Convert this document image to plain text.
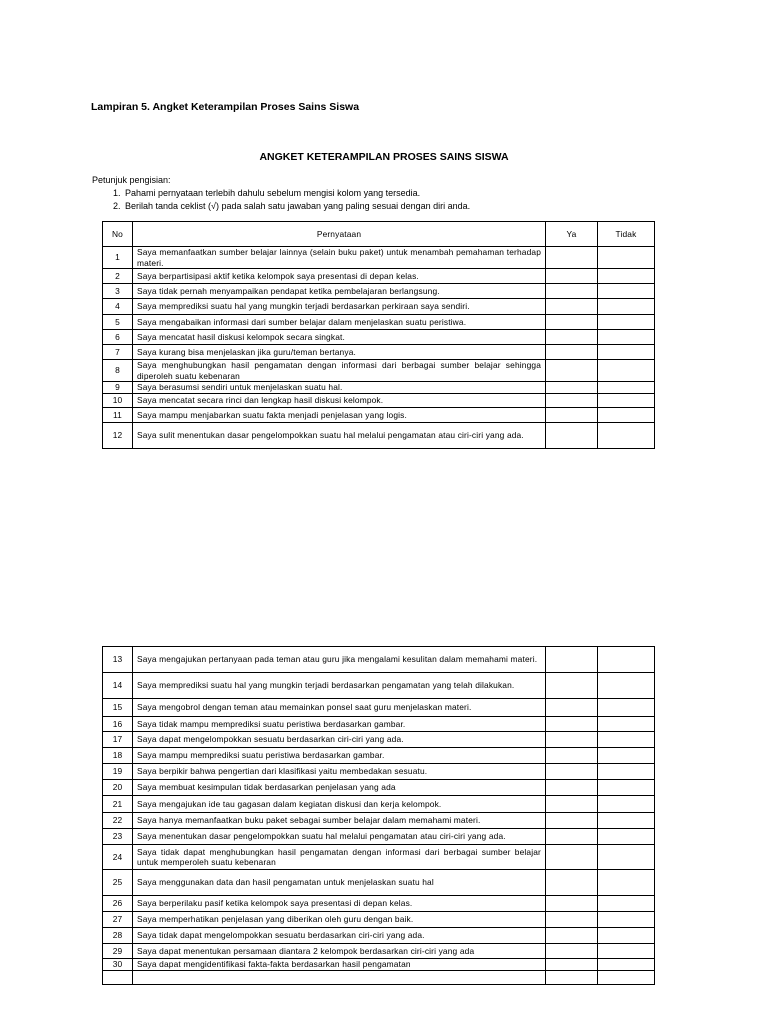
Lampiran 5. Angket Keterampilan Proses Sains Siswa
ANGKET KETERAMPILAN PROSES SAINS SISWA
Petunjuk pengisian:
1. Pahami pernyataan terlebih dahulu sebelum mengisi kolom yang tersedia.
2. Berilah tanda ceklist (√) pada salah satu jawaban yang paling sesuai dengan diri anda.
No	Pernyataan	Ya	Tidak
1	Saya memanfaatkan sumber belajar lainnya (selain buku paket) untuk menambah pemahaman terhadap materi.		
2	Saya berpartisipasi aktif ketika kelompok saya presentasi di depan kelas.		
3	Saya tidak pernah menyampaikan pendapat ketika pembelajaran berlangsung.		
4	Saya memprediksi suatu hal yang mungkin terjadi berdasarkan perkiraan saya sendiri.		
5	Saya mengabaikan informasi dari sumber belajar dalam menjelaskan suatu peristiwa.		
6	Saya mencatat hasil diskusi kelompok secara singkat.		
7	Saya kurang bisa menjelaskan jika guru/teman bertanya.		
8	Saya menghubungkan hasil pengamatan dengan informasi dari berbagai sumber belajar sehingga diperoleh suatu kebenaran		
9	Saya berasumsi sendiri untuk menjelaskan suatu hal.		
10	Saya mencatat secara rinci dan lengkap hasil diskusi kelompok.		
11	Saya mampu menjabarkan suatu fakta menjadi penjelasan yang logis.		
12	Saya sulit menentukan dasar pengelompokkan suatu hal melalui pengamatan atau ciri-ciri yang ada.		
13	Saya mengajukan pertanyaan pada teman atau guru jika mengalami kesulitan dalam memahami materi.		
14	Saya memprediksi suatu hal yang mungkin terjadi berdasarkan pengamatan yang telah dilakukan.		
15	Saya mengobrol dengan teman atau memainkan ponsel saat guru menjelaskan materi.		
16	Saya tidak mampu memprediksi suatu peristiwa berdasarkan gambar.		
17	Saya dapat mengelompokkan sesuatu berdasarkan ciri-ciri yang ada.		
18	Saya mampu memprediksi suatu peristiwa berdasarkan gambar.		
19	Saya berpikir bahwa pengertian dari klasifikasi yaitu membedakan sesuatu.		
20	Saya membuat kesimpulan tidak berdasarkan penjelasan yang ada		
21	Saya mengajukan ide tau gagasan dalam kegiatan diskusi dan kerja kelompok.		
22	Saya hanya memanfaatkan buku paket sebagai sumber belajar dalam memahami materi.		
23	Saya menentukan dasar pengelompokkan suatu hal melalui pengamatan atau ciri-ciri yang ada.		
24	Saya tidak dapat menghubungkan hasil pengamatan dengan informasi dari berbagai sumber belajar untuk memperoleh suatu kebenaran		
25	Saya menggunakan data dan hasil pengamatan untuk menjelaskan suatu hal		
26	Saya berperilaku pasif ketika kelompok saya presentasi di depan kelas.		
27	Saya memperhatikan penjelasan yang diberikan oleh guru dengan baik.		
28	Saya tidak dapat mengelompokkan sesuatu berdasarkan ciri-ciri yang ada.		
29	Saya dapat menentukan persamaan diantara 2 kelompok berdasarkan ciri-ciri yang ada		
30	Saya dapat mengidentifikasi fakta-fakta berdasarkan hasil pengamatan		
